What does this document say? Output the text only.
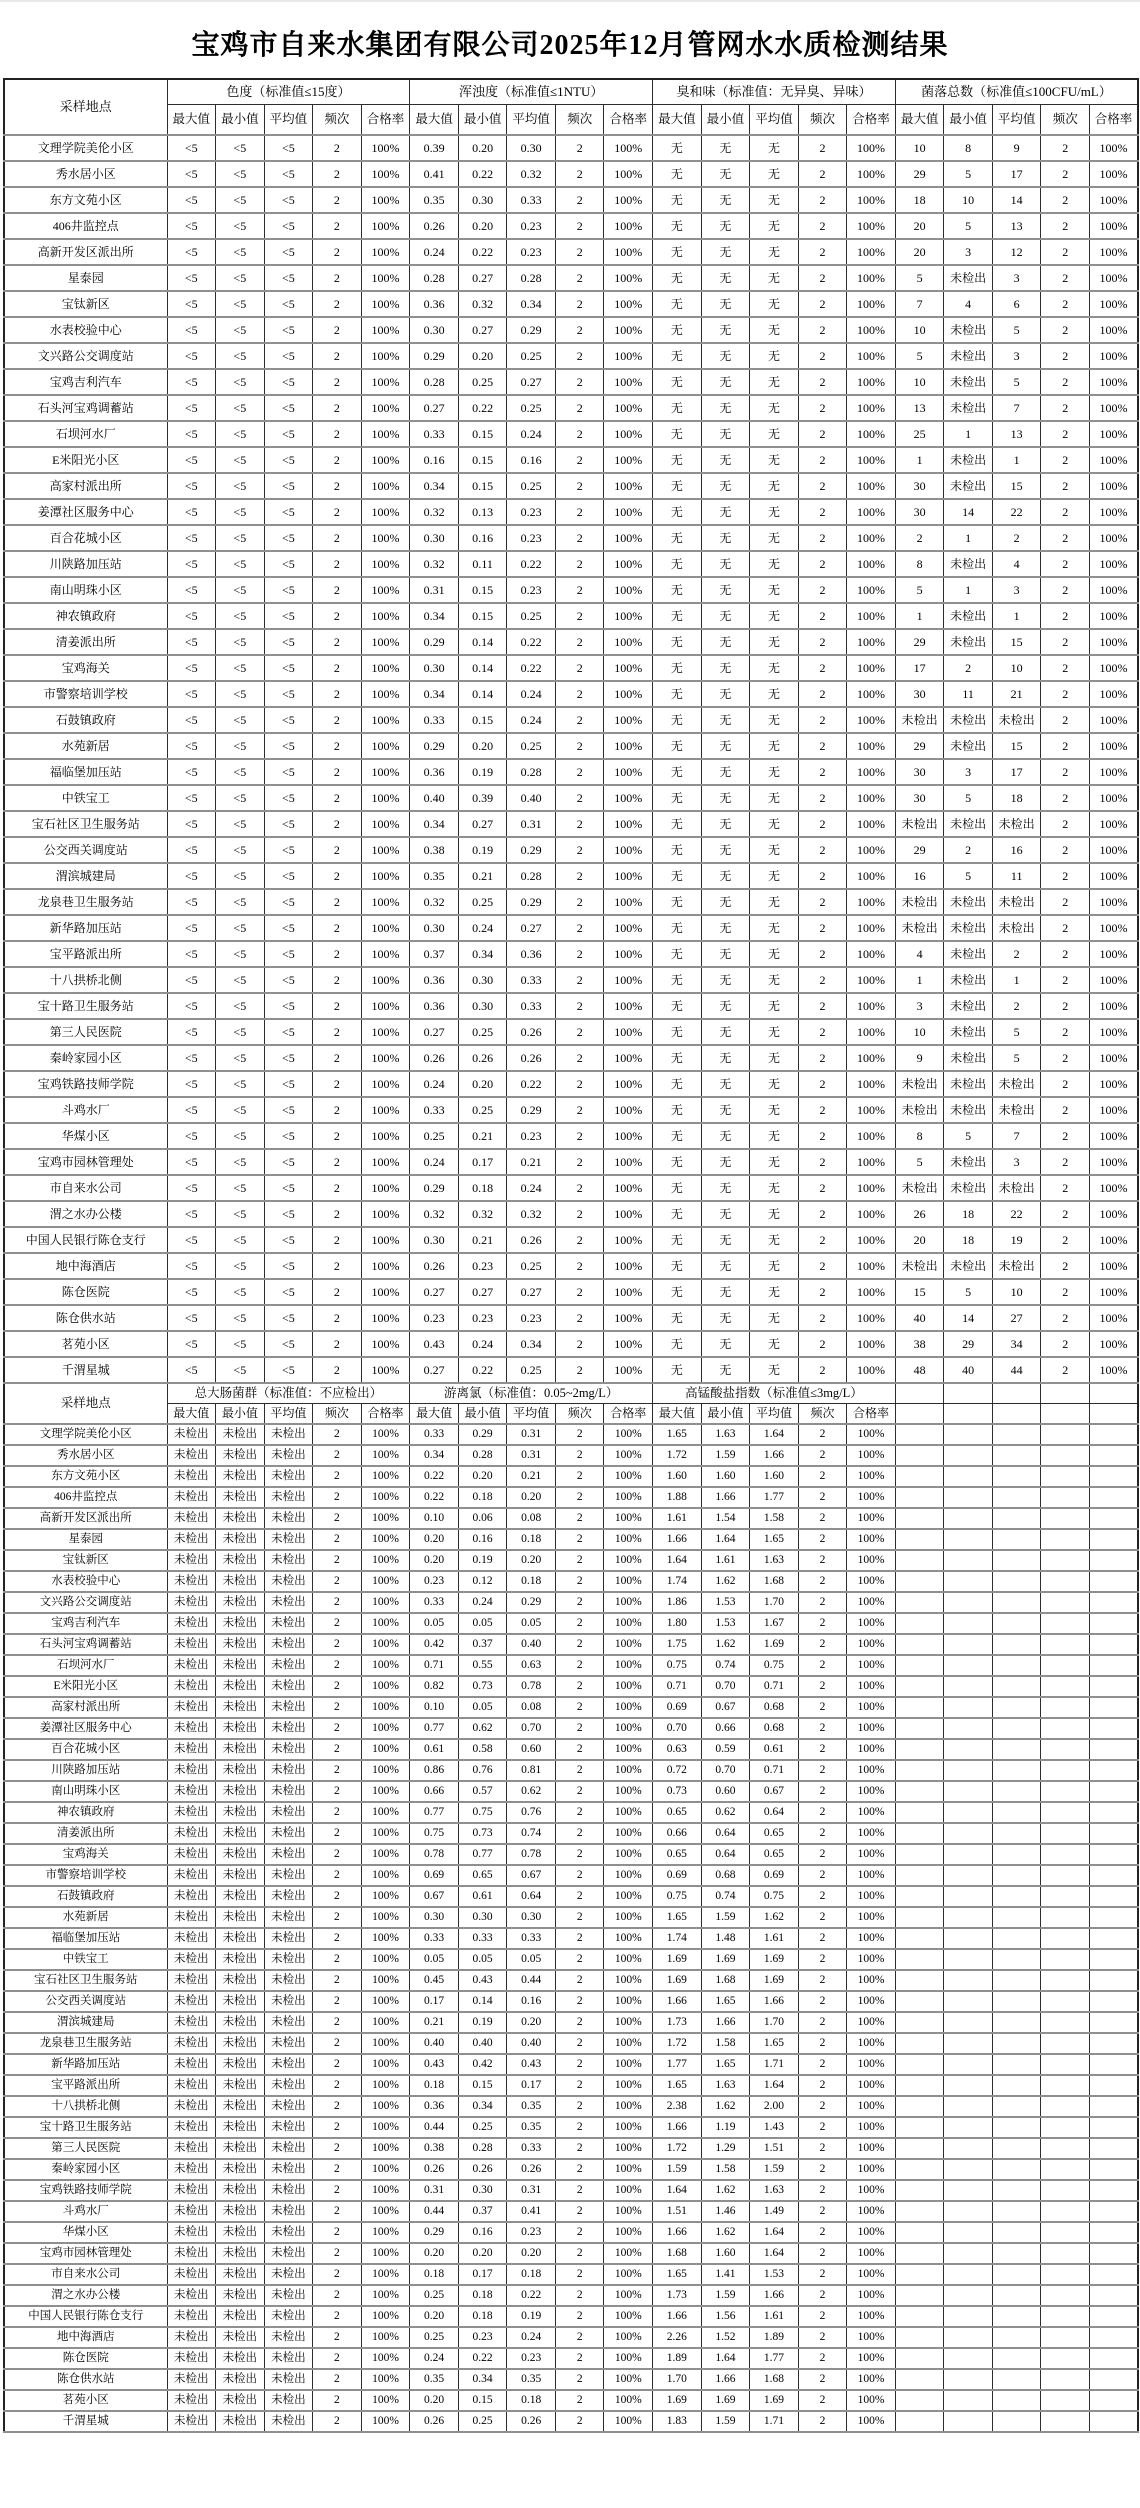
宝鸡市自来水集团有限公司2025年12月管网水水质检测结果
采样地点	色度（标准值≤15度）					浑浊度（标准值≤1NTU）					臭和味（标准值：无异臭、异味）					菌落总数（标准值≤100CFU/mL）				
	最大值	最小值	平均值	频次	合格率	最大值	最小值	平均值	频次	合格率	最大值	最小值	平均值	频次	合格率	最大值	最小值	平均值	频次	合格率
文理学院美伦小区	<5	<5	<5	2	100%	0.39	0.20	0.30	2	100%	无	无	无	2	100%	10	8	9	2	100%
秀水居小区	<5	<5	<5	2	100%	0.41	0.22	0.32	2	100%	无	无	无	2	100%	29	5	17	2	100%
东方文苑小区	<5	<5	<5	2	100%	0.35	0.30	0.33	2	100%	无	无	无	2	100%	18	10	14	2	100%
406井监控点	<5	<5	<5	2	100%	0.26	0.20	0.23	2	100%	无	无	无	2	100%	20	5	13	2	100%
高新开发区派出所	<5	<5	<5	2	100%	0.24	0.22	0.23	2	100%	无	无	无	2	100%	20	3	12	2	100%
星泰园	<5	<5	<5	2	100%	0.28	0.27	0.28	2	100%	无	无	无	2	100%	5	未检出	3	2	100%
宝钛新区	<5	<5	<5	2	100%	0.36	0.32	0.34	2	100%	无	无	无	2	100%	7	4	6	2	100%
水表校验中心	<5	<5	<5	2	100%	0.30	0.27	0.29	2	100%	无	无	无	2	100%	10	未检出	5	2	100%
文兴路公交调度站	<5	<5	<5	2	100%	0.29	0.20	0.25	2	100%	无	无	无	2	100%	5	未检出	3	2	100%
宝鸡吉利汽车	<5	<5	<5	2	100%	0.28	0.25	0.27	2	100%	无	无	无	2	100%	10	未检出	5	2	100%
石头河宝鸡调蓄站	<5	<5	<5	2	100%	0.27	0.22	0.25	2	100%	无	无	无	2	100%	13	未检出	7	2	100%
石坝河水厂	<5	<5	<5	2	100%	0.33	0.15	0.24	2	100%	无	无	无	2	100%	25	1	13	2	100%
E米阳光小区	<5	<5	<5	2	100%	0.16	0.15	0.16	2	100%	无	无	无	2	100%	1	未检出	1	2	100%
高家村派出所	<5	<5	<5	2	100%	0.34	0.15	0.25	2	100%	无	无	无	2	100%	30	未检出	15	2	100%
姜潭社区服务中心	<5	<5	<5	2	100%	0.32	0.13	0.23	2	100%	无	无	无	2	100%	30	14	22	2	100%
百合花城小区	<5	<5	<5	2	100%	0.30	0.16	0.23	2	100%	无	无	无	2	100%	2	1	2	2	100%
川陕路加压站	<5	<5	<5	2	100%	0.32	0.11	0.22	2	100%	无	无	无	2	100%	8	未检出	4	2	100%
南山明珠小区	<5	<5	<5	2	100%	0.31	0.15	0.23	2	100%	无	无	无	2	100%	5	1	3	2	100%
神农镇政府	<5	<5	<5	2	100%	0.34	0.15	0.25	2	100%	无	无	无	2	100%	1	未检出	1	2	100%
清姜派出所	<5	<5	<5	2	100%	0.29	0.14	0.22	2	100%	无	无	无	2	100%	29	未检出	15	2	100%
宝鸡海关	<5	<5	<5	2	100%	0.30	0.14	0.22	2	100%	无	无	无	2	100%	17	2	10	2	100%
市警察培训学校	<5	<5	<5	2	100%	0.34	0.14	0.24	2	100%	无	无	无	2	100%	30	11	21	2	100%
石鼓镇政府	<5	<5	<5	2	100%	0.33	0.15	0.24	2	100%	无	无	无	2	100%	未检出	未检出	未检出	2	100%
水苑新居	<5	<5	<5	2	100%	0.29	0.20	0.25	2	100%	无	无	无	2	100%	29	未检出	15	2	100%
福临堡加压站	<5	<5	<5	2	100%	0.36	0.19	0.28	2	100%	无	无	无	2	100%	30	3	17	2	100%
中铁宝工	<5	<5	<5	2	100%	0.40	0.39	0.40	2	100%	无	无	无	2	100%	30	5	18	2	100%
宝石社区卫生服务站	<5	<5	<5	2	100%	0.34	0.27	0.31	2	100%	无	无	无	2	100%	未检出	未检出	未检出	2	100%
公交西关调度站	<5	<5	<5	2	100%	0.38	0.19	0.29	2	100%	无	无	无	2	100%	29	2	16	2	100%
渭滨城建局	<5	<5	<5	2	100%	0.35	0.21	0.28	2	100%	无	无	无	2	100%	16	5	11	2	100%
龙泉巷卫生服务站	<5	<5	<5	2	100%	0.32	0.25	0.29	2	100%	无	无	无	2	100%	未检出	未检出	未检出	2	100%
新华路加压站	<5	<5	<5	2	100%	0.30	0.24	0.27	2	100%	无	无	无	2	100%	未检出	未检出	未检出	2	100%
宝平路派出所	<5	<5	<5	2	100%	0.37	0.34	0.36	2	100%	无	无	无	2	100%	4	未检出	2	2	100%
十八拱桥北侧	<5	<5	<5	2	100%	0.36	0.30	0.33	2	100%	无	无	无	2	100%	1	未检出	1	2	100%
宝十路卫生服务站	<5	<5	<5	2	100%	0.36	0.30	0.33	2	100%	无	无	无	2	100%	3	未检出	2	2	100%
第三人民医院	<5	<5	<5	2	100%	0.27	0.25	0.26	2	100%	无	无	无	2	100%	10	未检出	5	2	100%
秦岭家园小区	<5	<5	<5	2	100%	0.26	0.26	0.26	2	100%	无	无	无	2	100%	9	未检出	5	2	100%
宝鸡铁路技师学院	<5	<5	<5	2	100%	0.24	0.20	0.22	2	100%	无	无	无	2	100%	未检出	未检出	未检出	2	100%
斗鸡水厂	<5	<5	<5	2	100%	0.33	0.25	0.29	2	100%	无	无	无	2	100%	未检出	未检出	未检出	2	100%
华煤小区	<5	<5	<5	2	100%	0.25	0.21	0.23	2	100%	无	无	无	2	100%	8	5	7	2	100%
宝鸡市园林管理处	<5	<5	<5	2	100%	0.24	0.17	0.21	2	100%	无	无	无	2	100%	5	未检出	3	2	100%
市自来水公司	<5	<5	<5	2	100%	0.29	0.18	0.24	2	100%	无	无	无	2	100%	未检出	未检出	未检出	2	100%
渭之水办公楼	<5	<5	<5	2	100%	0.32	0.32	0.32	2	100%	无	无	无	2	100%	26	18	22	2	100%
中国人民银行陈仓支行	<5	<5	<5	2	100%	0.30	0.21	0.26	2	100%	无	无	无	2	100%	20	18	19	2	100%
地中海酒店	<5	<5	<5	2	100%	0.26	0.23	0.25	2	100%	无	无	无	2	100%	未检出	未检出	未检出	2	100%
陈仓医院	<5	<5	<5	2	100%	0.27	0.27	0.27	2	100%	无	无	无	2	100%	15	5	10	2	100%
陈仓供水站	<5	<5	<5	2	100%	0.23	0.23	0.23	2	100%	无	无	无	2	100%	40	14	27	2	100%
茗苑小区	<5	<5	<5	2	100%	0.43	0.24	0.34	2	100%	无	无	无	2	100%	38	29	34	2	100%
千渭星城	<5	<5	<5	2	100%	0.27	0.22	0.25	2	100%	无	无	无	2	100%	48	40	44	2	100%
采样地点	总大肠菌群（标准值：不应检出）					游离氯（标准值：0.05~2mg/L）					高锰酸盐指数（标准值≤3mg/L）									
	最大值	最小值	平均值	频次	合格率	最大值	最小值	平均值	频次	合格率	最大值	最小值	平均值	频次	合格率					
文理学院美伦小区	未检出	未检出	未检出	2	100%	0.33	0.29	0.31	2	100%	1.65	1.63	1.64	2	100%					
秀水居小区	未检出	未检出	未检出	2	100%	0.34	0.28	0.31	2	100%	1.72	1.59	1.66	2	100%					
东方文苑小区	未检出	未检出	未检出	2	100%	0.22	0.20	0.21	2	100%	1.60	1.60	1.60	2	100%					
406井监控点	未检出	未检出	未检出	2	100%	0.22	0.18	0.20	2	100%	1.88	1.66	1.77	2	100%					
高新开发区派出所	未检出	未检出	未检出	2	100%	0.10	0.06	0.08	2	100%	1.61	1.54	1.58	2	100%					
星泰园	未检出	未检出	未检出	2	100%	0.20	0.16	0.18	2	100%	1.66	1.64	1.65	2	100%					
宝钛新区	未检出	未检出	未检出	2	100%	0.20	0.19	0.20	2	100%	1.64	1.61	1.63	2	100%					
水表校验中心	未检出	未检出	未检出	2	100%	0.23	0.12	0.18	2	100%	1.74	1.62	1.68	2	100%					
文兴路公交调度站	未检出	未检出	未检出	2	100%	0.33	0.24	0.29	2	100%	1.86	1.53	1.70	2	100%					
宝鸡吉利汽车	未检出	未检出	未检出	2	100%	0.05	0.05	0.05	2	100%	1.80	1.53	1.67	2	100%					
石头河宝鸡调蓄站	未检出	未检出	未检出	2	100%	0.42	0.37	0.40	2	100%	1.75	1.62	1.69	2	100%					
石坝河水厂	未检出	未检出	未检出	2	100%	0.71	0.55	0.63	2	100%	0.75	0.74	0.75	2	100%					
E米阳光小区	未检出	未检出	未检出	2	100%	0.82	0.73	0.78	2	100%	0.71	0.70	0.71	2	100%					
高家村派出所	未检出	未检出	未检出	2	100%	0.10	0.05	0.08	2	100%	0.69	0.67	0.68	2	100%					
姜潭社区服务中心	未检出	未检出	未检出	2	100%	0.77	0.62	0.70	2	100%	0.70	0.66	0.68	2	100%					
百合花城小区	未检出	未检出	未检出	2	100%	0.61	0.58	0.60	2	100%	0.63	0.59	0.61	2	100%					
川陕路加压站	未检出	未检出	未检出	2	100%	0.86	0.76	0.81	2	100%	0.72	0.70	0.71	2	100%					
南山明珠小区	未检出	未检出	未检出	2	100%	0.66	0.57	0.62	2	100%	0.73	0.60	0.67	2	100%					
神农镇政府	未检出	未检出	未检出	2	100%	0.77	0.75	0.76	2	100%	0.65	0.62	0.64	2	100%					
清姜派出所	未检出	未检出	未检出	2	100%	0.75	0.73	0.74	2	100%	0.66	0.64	0.65	2	100%					
宝鸡海关	未检出	未检出	未检出	2	100%	0.78	0.77	0.78	2	100%	0.65	0.64	0.65	2	100%					
市警察培训学校	未检出	未检出	未检出	2	100%	0.69	0.65	0.67	2	100%	0.69	0.68	0.69	2	100%					
石鼓镇政府	未检出	未检出	未检出	2	100%	0.67	0.61	0.64	2	100%	0.75	0.74	0.75	2	100%					
水苑新居	未检出	未检出	未检出	2	100%	0.30	0.30	0.30	2	100%	1.65	1.59	1.62	2	100%					
福临堡加压站	未检出	未检出	未检出	2	100%	0.33	0.33	0.33	2	100%	1.74	1.48	1.61	2	100%					
中铁宝工	未检出	未检出	未检出	2	100%	0.05	0.05	0.05	2	100%	1.69	1.69	1.69	2	100%					
宝石社区卫生服务站	未检出	未检出	未检出	2	100%	0.45	0.43	0.44	2	100%	1.69	1.68	1.69	2	100%					
公交西关调度站	未检出	未检出	未检出	2	100%	0.17	0.14	0.16	2	100%	1.66	1.65	1.66	2	100%					
渭滨城建局	未检出	未检出	未检出	2	100%	0.21	0.19	0.20	2	100%	1.73	1.66	1.70	2	100%					
龙泉巷卫生服务站	未检出	未检出	未检出	2	100%	0.40	0.40	0.40	2	100%	1.72	1.58	1.65	2	100%					
新华路加压站	未检出	未检出	未检出	2	100%	0.43	0.42	0.43	2	100%	1.77	1.65	1.71	2	100%					
宝平路派出所	未检出	未检出	未检出	2	100%	0.18	0.15	0.17	2	100%	1.65	1.63	1.64	2	100%					
十八拱桥北侧	未检出	未检出	未检出	2	100%	0.36	0.34	0.35	2	100%	2.38	1.62	2.00	2	100%					
宝十路卫生服务站	未检出	未检出	未检出	2	100%	0.44	0.25	0.35	2	100%	1.66	1.19	1.43	2	100%					
第三人民医院	未检出	未检出	未检出	2	100%	0.38	0.28	0.33	2	100%	1.72	1.29	1.51	2	100%					
秦岭家园小区	未检出	未检出	未检出	2	100%	0.26	0.26	0.26	2	100%	1.59	1.58	1.59	2	100%					
宝鸡铁路技师学院	未检出	未检出	未检出	2	100%	0.31	0.30	0.31	2	100%	1.64	1.62	1.63	2	100%					
斗鸡水厂	未检出	未检出	未检出	2	100%	0.44	0.37	0.41	2	100%	1.51	1.46	1.49	2	100%					
华煤小区	未检出	未检出	未检出	2	100%	0.29	0.16	0.23	2	100%	1.66	1.62	1.64	2	100%					
宝鸡市园林管理处	未检出	未检出	未检出	2	100%	0.20	0.20	0.20	2	100%	1.68	1.60	1.64	2	100%					
市自来水公司	未检出	未检出	未检出	2	100%	0.18	0.17	0.18	2	100%	1.65	1.41	1.53	2	100%					
渭之水办公楼	未检出	未检出	未检出	2	100%	0.25	0.18	0.22	2	100%	1.73	1.59	1.66	2	100%					
中国人民银行陈仓支行	未检出	未检出	未检出	2	100%	0.20	0.18	0.19	2	100%	1.66	1.56	1.61	2	100%					
地中海酒店	未检出	未检出	未检出	2	100%	0.25	0.23	0.24	2	100%	2.26	1.52	1.89	2	100%					
陈仓医院	未检出	未检出	未检出	2	100%	0.24	0.22	0.23	2	100%	1.89	1.64	1.77	2	100%					
陈仓供水站	未检出	未检出	未检出	2	100%	0.35	0.34	0.35	2	100%	1.70	1.66	1.68	2	100%					
茗苑小区	未检出	未检出	未检出	2	100%	0.20	0.15	0.18	2	100%	1.69	1.69	1.69	2	100%					
千渭星城	未检出	未检出	未检出	2	100%	0.26	0.25	0.26	2	100%	1.83	1.59	1.71	2	100%					
